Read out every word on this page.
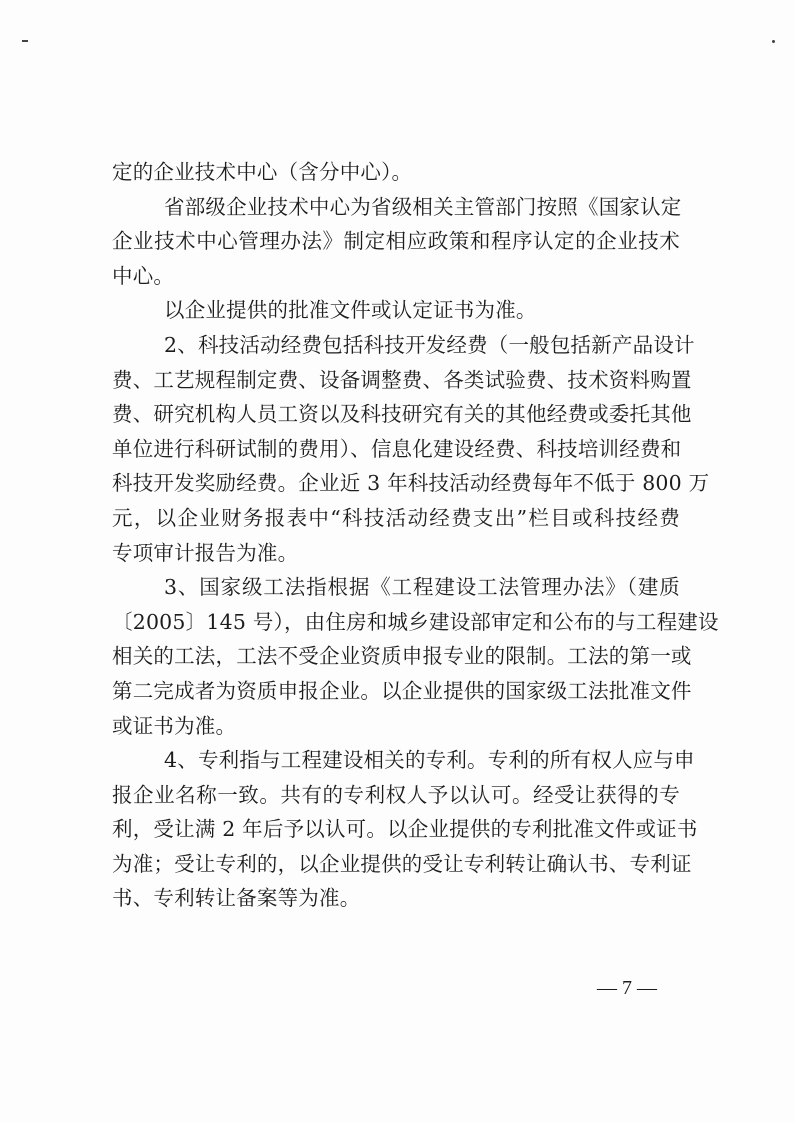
定的企业技术中心（含分中心）。
省部级企业技术中心为省级相关主管部门按照《国家认定
企业技术中心管理办法》制定相应政策和程序认定的企业技术
中心。
以企业提供的批准文件或认定证书为准。
2、科技活动经费包括科技开发经费（一般包括新产品设计
费、工艺规程制定费、设备调整费、各类试验费、技术资料购置
费、研究机构人员工资以及科技研究有关的其他经费或委托其他
单位进行科研试制的费用）、信息化建设经费、科技培训经费和
科技开发奖励经费。企业近 3 年科技活动经费每年不低于 800 万
元，以企业财务报表中“科技活动经费支出”栏目或科技经费
专项审计报告为准。
3、国家级工法指根据《工程建设工法管理办法》（建质
〔2005〕145 号），由住房和城乡建设部审定和公布的与工程建设
相关的工法，工法不受企业资质申报专业的限制。工法的第一或
第二完成者为资质申报企业。以企业提供的国家级工法批准文件
或证书为准。
4、专利指与工程建设相关的专利。专利的所有权人应与申
报企业名称一致。共有的专利权人予以认可。经受让获得的专
利，受让满 2 年后予以认可。以企业提供的专利批准文件或证书
为准；受让专利的，以企业提供的受让专利转让确认书、专利证
书、专利转让备案等为准。
— 7 —
